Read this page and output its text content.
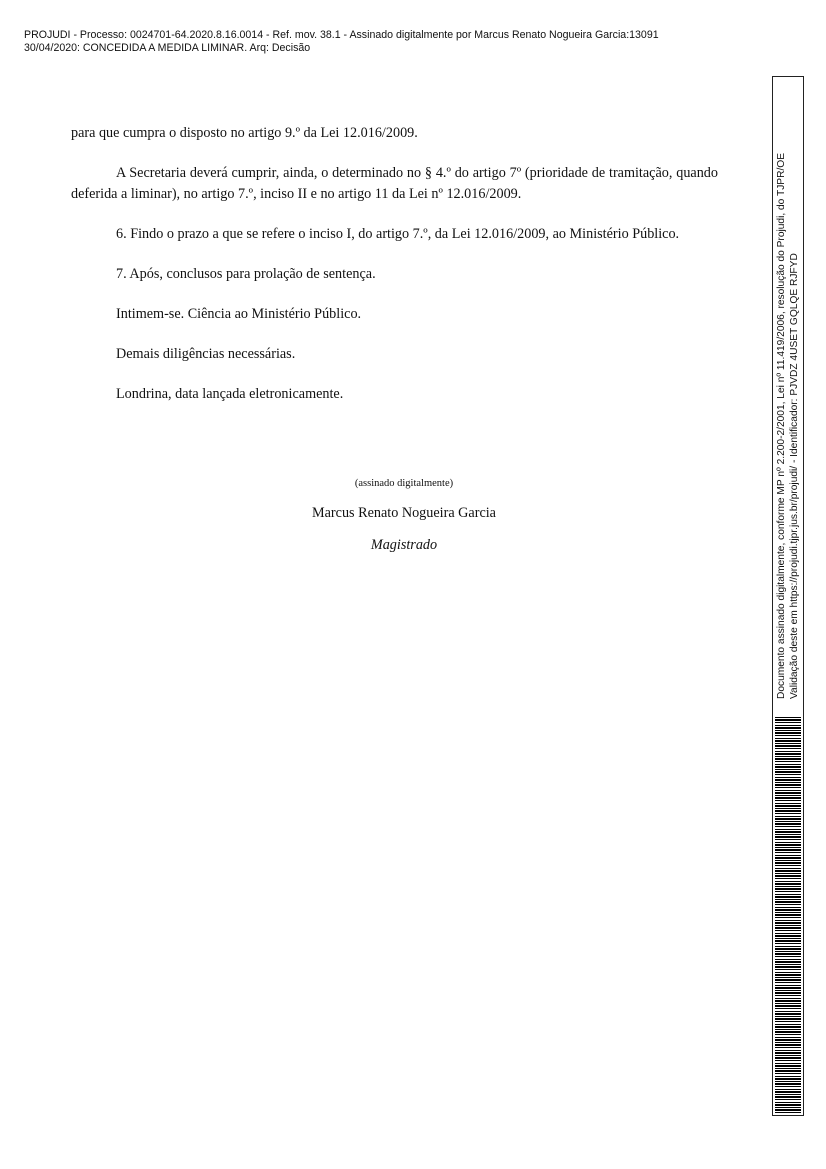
PROJUDI - Processo: 0024701-64.2020.8.16.0014 - Ref. mov. 38.1 - Assinado digitalmente por Marcus Renato Nogueira Garcia:13091
30/04/2020: CONCEDIDA A MEDIDA LIMINAR. Arq: Decisão

para que cumpra o disposto no artigo 9.º da Lei 12.016/2009.

A Secretaria deverá cumprir, ainda, o determinado no § 4.º do artigo 7º (prioridade de tramitação, quando deferida a liminar), no artigo 7.º, inciso II e no artigo 11 da Lei nº 12.016/2009.

6. Findo o prazo a que se refere o inciso I, do artigo 7.º, da Lei 12.016/2009, ao Ministério Público.

7. Após, conclusos para prolação de sentença.

Intimem-se. Ciência ao Ministério Público.

Demais diligências necessárias.

Londrina, data lançada eletronicamente.

(assinado digitalmente)
Marcus Renato Nogueira Garcia
Magistrado	Documento assinado digitalmente, conforme MP nº 2.200-2/2001, Lei nº 11.419/2006, resolução do Projudi, do TJPR/OE Validação deste em https://projudi.tjpr.jus.br/projudi/ - Identificador: PJVDZ 4USET GQLQE RJFYD
